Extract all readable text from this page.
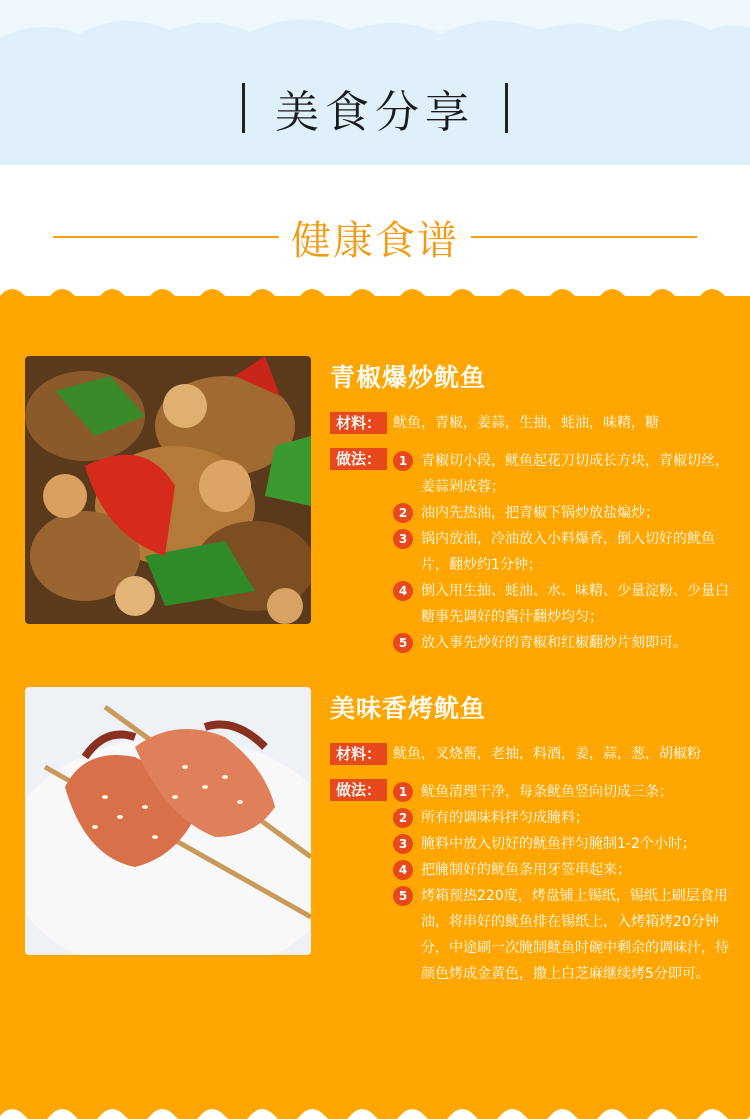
美食分享
健康食谱
青椒爆炒鱿鱼
材料： 鱿鱼，青椒，姜蒜，生抽，蚝油，味精，糖
做法：	1 青椒切小段，鱿鱼起花刀切成长方块，青椒切丝，姜蒜剁成蓉；
2 油内先热油，把青椒下锅炒放盐煸炒；
3 锅内放油，冷油放入小料爆香，倒入切好的鱿鱼片，翻炒约1分钟；
4 倒入用生抽、蚝油、水、味精、少量淀粉、少量白糖事先调好的酱汁翻炒均匀；
5 放入事先炒好的青椒和红椒翻炒片刻即可。
美味香烤鱿鱼
材料： 鱿鱼，叉烧酱，老抽，料酒，姜，蒜，葱，胡椒粉
做法：	1 鱿鱼清理干净，每条鱿鱼竖向切成三条；
2 所有的调味料拌匀成腌料；
3 腌料中放入切好的鱿鱼拌匀腌制1-2个小时；
4 把腌制好的鱿鱼条用牙签串起来；
5 烤箱预热220度，烤盘铺上锡纸，锡纸上刷层食用油，将串好的鱿鱼排在锡纸上，入烤箱烤20分钟分，中途刷一次腌制鱿鱼时碗中剩余的调味汁，待颜色烤成金黄色，撒上白芝麻继续烤5分即可。
